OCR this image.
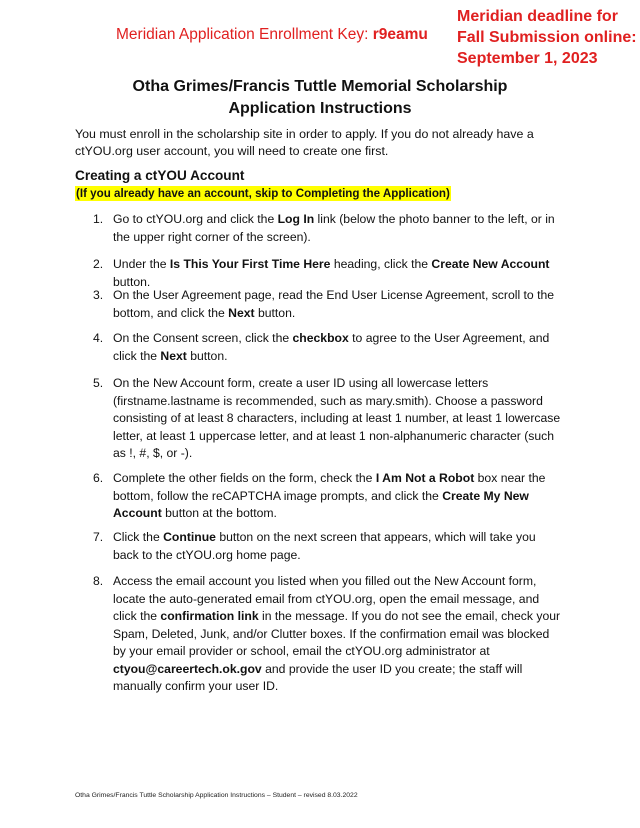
Meridian Application Enrollment Key: r9eamu
Meridian deadline for Fall Submission online: September 1, 2023
Otha Grimes/Francis Tuttle Memorial Scholarship
Application Instructions
You must enroll in the scholarship site in order to apply. If you do not already have a ctYOU.org user account, you will need to create one first.
Creating a ctYOU Account
(If you already have an account, skip to Completing the Application)
1. Go to ctYOU.org and click the Log In link (below the photo banner to the left, or in the upper right corner of the screen).
2. Under the Is This Your First Time Here heading, click the Create New Account button.
3. On the User Agreement page, read the End User License Agreement, scroll to the bottom, and click the Next button.
4. On the Consent screen, click the checkbox to agree to the User Agreement, and click the Next button.
5. On the New Account form, create a user ID using all lowercase letters (firstname.lastname is recommended, such as mary.smith). Choose a password consisting of at least 8 characters, including at least 1 number, at least 1 lowercase letter, at least 1 uppercase letter, and at least 1 non-alphanumeric character (such as !, #, $, or -).
6. Complete the other fields on the form, check the I Am Not a Robot box near the bottom, follow the reCAPTCHA image prompts, and click the Create My New Account button at the bottom.
7. Click the Continue button on the next screen that appears, which will take you back to the ctYOU.org home page.
8. Access the email account you listed when you filled out the New Account form, locate the auto-generated email from ctYOU.org, open the email message, and click the confirmation link in the message. If you do not see the email, check your Spam, Deleted, Junk, and/or Clutter boxes. If the confirmation email was blocked by your email provider or school, email the ctYOU.org administrator at ctyou@careertech.ok.gov and provide the user ID you create; the staff will manually confirm your user ID.
Otha Grimes/Francis Tuttle Scholarship Application Instructions – Student – revised 8.03.2022
